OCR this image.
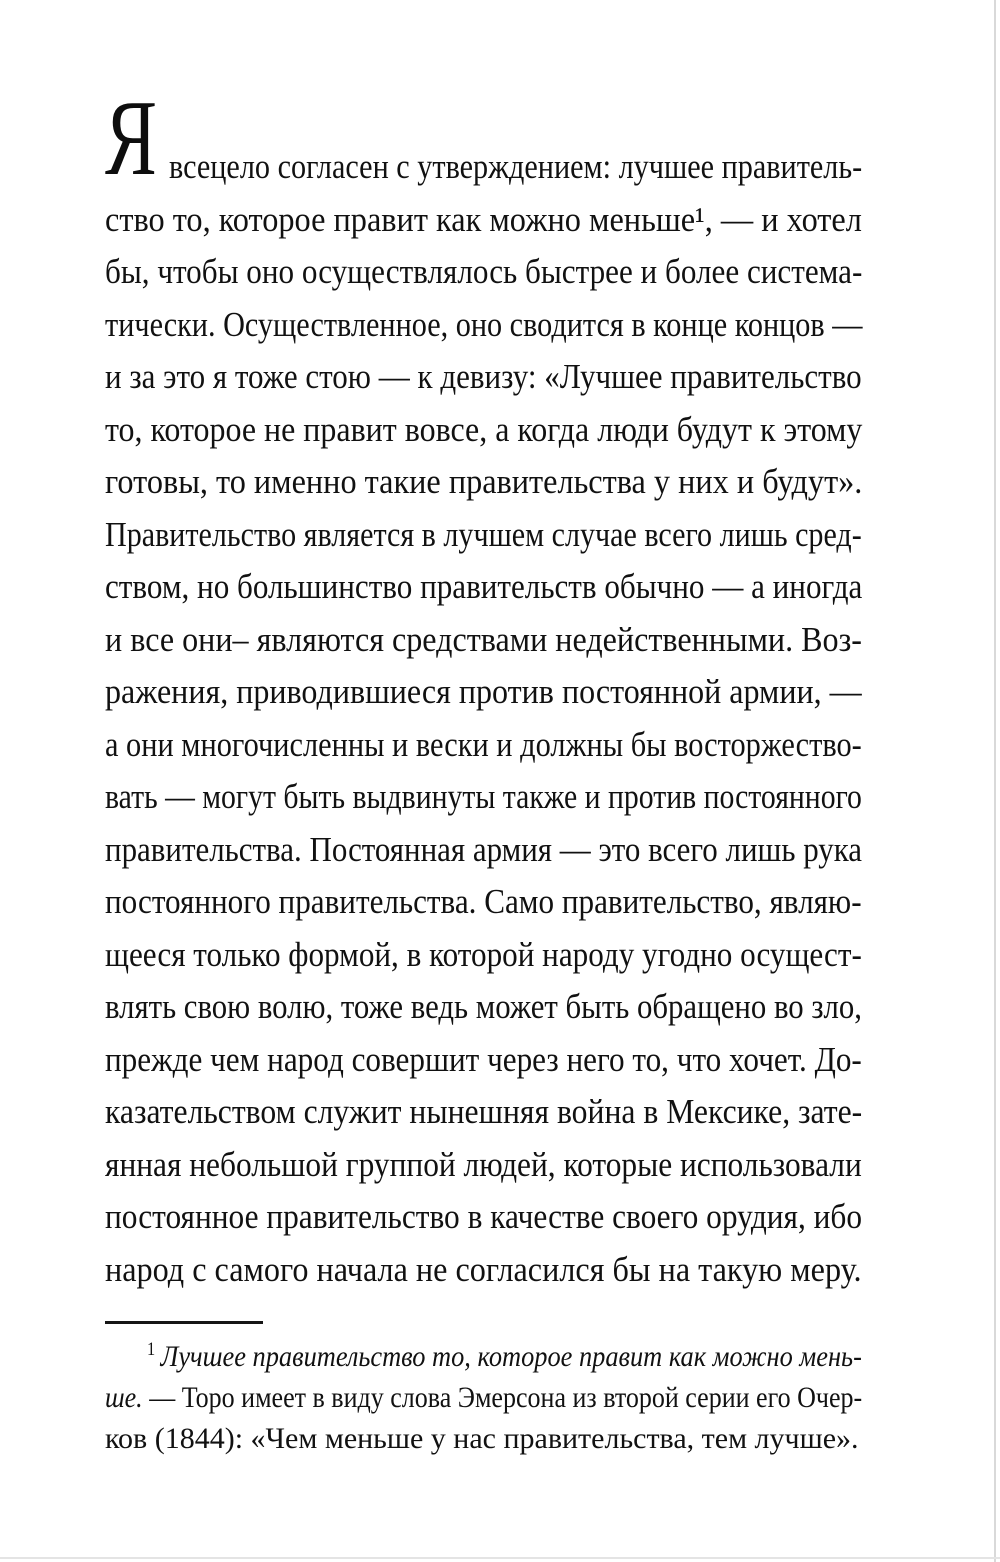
Я всецело согласен с утверждением: лучшее правитель-
ство то, которое правит как можно меньше¹, — и хотел
бы, чтобы оно осуществлялось быстрее и более система-
тически. Осуществленное, оно сводится в конце концов —
и за это я тоже стою — к девизу: «Лучшее правительство
то, которое не правит вовсе, а когда люди будут к этому
готовы, то именно такие правительства у них и будут».
Правительство является в лучшем случае всего лишь сред-
ством, но большинство правительств обычно — а иногда
и все они– являются средствами недейственными. Воз-
ражения, приводившиеся против постоянной армии, —
а они многочисленны и вески и должны бы восторжество-
вать — могут быть выдвинуты также и против постоянного
правительства. Постоянная армия — это всего лишь рука
постоянного правительства. Само правительство, являю-
щееся только формой, в которой народу угодно осущест-
влять свою волю, тоже ведь может быть обращено во зло,
прежде чем народ совершит через него то, что хочет. До-
казательством служит нынешняя война в Мексике, зате-
янная небольшой группой людей, которые использовали
постоянное правительство в качестве своего орудия, ибо
народ с самого начала не согласился бы на такую меру.
$^1$ Лучшее правительство то, которое правит как можно мень-
ше. — Торо имеет в виду слова Эмерсона из второй серии его Очер-
ков (1844): «Чем меньше у нас правительства, тем лучше».
